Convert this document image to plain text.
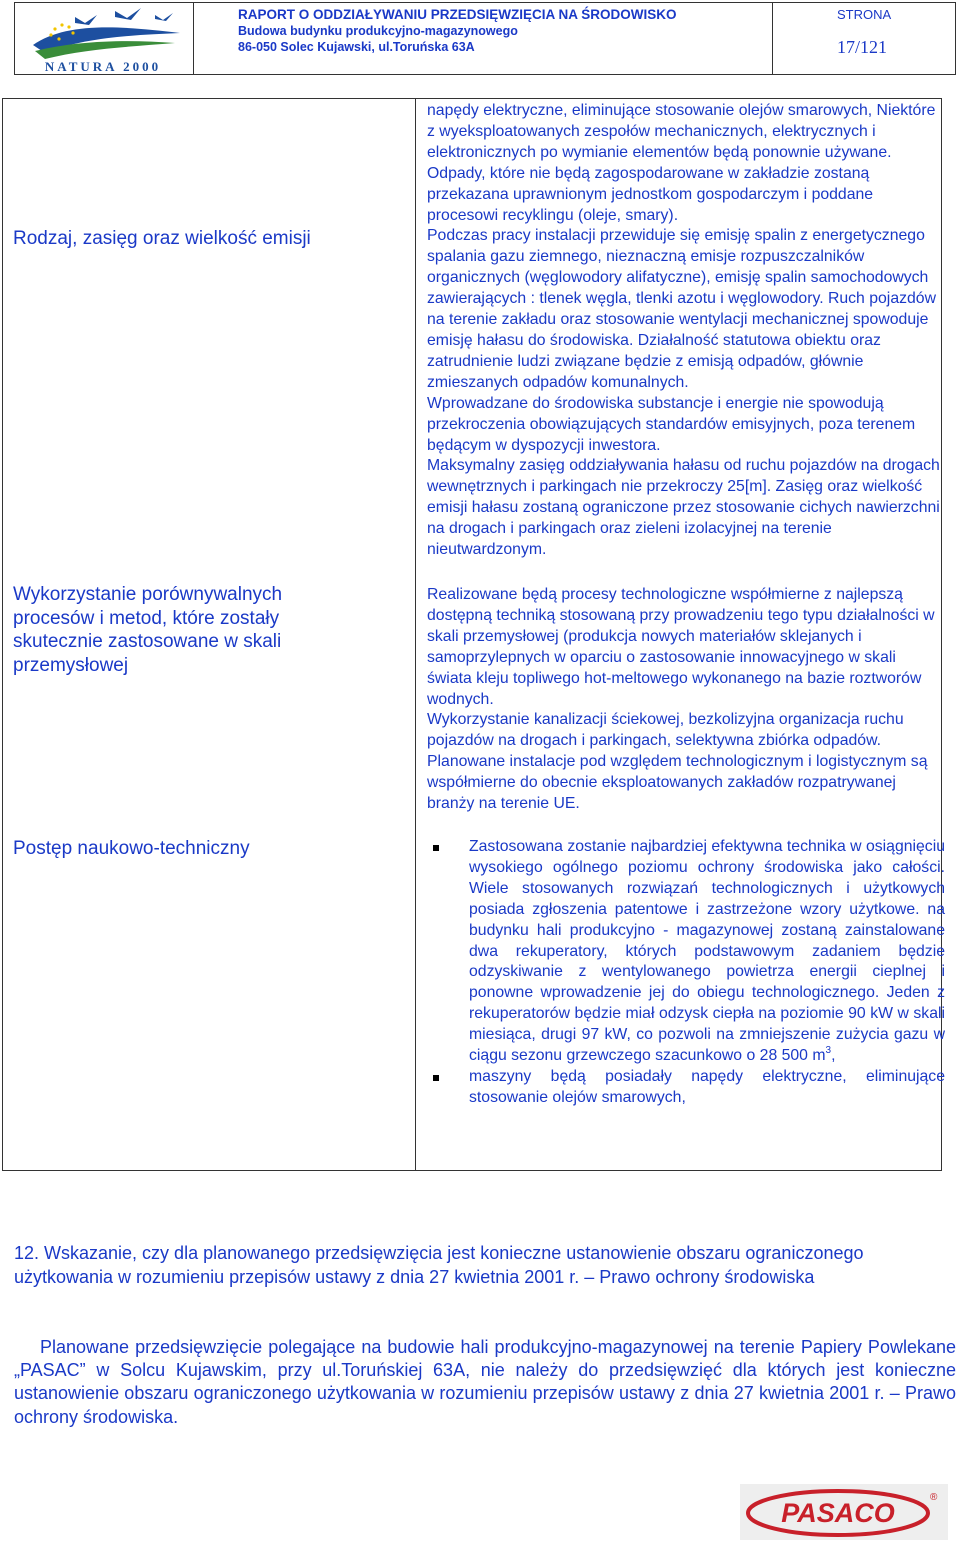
NATURA 2000
RAPORT O ODDZIAŁYWANIU PRZEDSIĘWZIĘCIA NA ŚRODOWISKO
Budowa budynku produkcyjno-magazynowego
86-050 Solec Kujawski, ul.Toruńska 63A
STRONA
17/121
Rodzaj, zasięg oraz wielkość emisji
Wykorzystanie porównywalnych procesów i metod, które zostały skutecznie zastosowane w skali przemysłowej
Postęp naukowo-techniczny

napędy elektryczne, eliminujące stosowanie olejów smarowych, Niektóre z wyeksploatowanych zespołów mechanicznych, elektrycznych i elektronicznych po wymianie elementów będą ponownie używane. Odpady, które nie będą zagospodarowane w zakładzie zostaną przekazana uprawnionym jednostkom gospodarczym i poddane procesowi recyklingu (oleje, smary).

Podczas pracy instalacji przewiduje się emisję spalin z energetycznego spalania gazu ziemnego, nieznaczną emisje rozpuszczalników organicznych (węglowodory alifatyczne), emisję spalin samochodowych zawierających : tlenek węgla, tlenki azotu i węglowodory. Ruch pojazdów na terenie zakładu oraz stosowanie wentylacji mechanicznej spowoduje emisję hałasu do środowiska. Działalność statutowa obiektu oraz zatrudnienie ludzi związane będzie z emisją odpadów, głównie zmieszanych odpadów komunalnych.

Wprowadzane do środowiska substancje i energie nie spowodują przekroczenia obowiązujących standardów emisyjnych, poza terenem będącym w dyspozycji inwestora.

Maksymalny zasięg oddziaływania hałasu od ruchu pojazdów na drogach wewnętrznych i parkingach nie przekroczy 25[m]. Zasięg oraz wielkość emisji hałasu zostaną ograniczone przez stosowanie cichych nawierzchni na drogach i parkingach oraz zieleni izolacyjnej na terenie nieutwardzonym.

Realizowane będą procesy technologiczne współmierne z najlepszą dostępną techniką stosowaną przy prowadzeniu tego typu działalności w skali przemysłowej (produkcja nowych materiałów sklejanych i samoprzylepnych w oparciu o zastosowanie innowacyjnego w skali świata kleju topliwego hot-meltowego wykonanego na bazie roztworów wodnych.

Wykorzystanie kanalizacji ściekowej, bezkolizyjna organizacja ruchu pojazdów na drogach i parkingach, selektywna zbiórka odpadów. Planowane instalacje pod względem technologicznym i logistycznym są współmierne do obecnie eksploatowanych zakładów rozpatrywanej branży na terenie UE.

Zastosowana zostanie najbardziej efektywna technika w osiągnięciu wysokiego ogólnego poziomu ochrony środowiska jako całości. Wiele stosowanych rozwiązań technologicznych i użytkowych posiada zgłoszenia patentowe i zastrzeżone wzory użytkowe. na budynku hali produkcyjno - magazynowej zostaną zainstalowane dwa rekuperatory, których podstawowym zadaniem będzie odzyskiwanie z wentylowanego powietrza energii cieplnej i ponowne wprowadzenie jej do obiegu technologicznego. Jeden z rekuperatorów będzie miał odzysk ciepła na poziomie 90 kW w skali miesiąca, drugi 97 kW, co pozwoli na zmniejszenie zużycia gazu w ciągu sezonu grzewczego szacunkowo o 28 500 $m^3$,
maszyny będą posiadały napędy elektryczne, eliminujące stosowanie olejów smarowych,
12. Wskazanie, czy dla planowanego przedsięwzięcia jest konieczne ustanowienie obszaru ograniczonego użytkowania w rozumieniu przepisów ustawy z dnia 27 kwietnia 2001 r. – Prawo ochrony środowiska
Planowane przedsięwzięcie polegające na budowie hali produkcyjno-magazynowej na terenie Papiery Powlekane „PASAC” w Solcu Kujawskim, przy ul.Toruńskiej 63A, nie należy do przedsięwzięć dla których jest konieczne ustanowienie obszaru ograniczonego użytkowania w rozumieniu przepisów ustawy z dnia 27 kwietnia 2001 r. – Prawo ochrony środowiska.
PASACO
®
